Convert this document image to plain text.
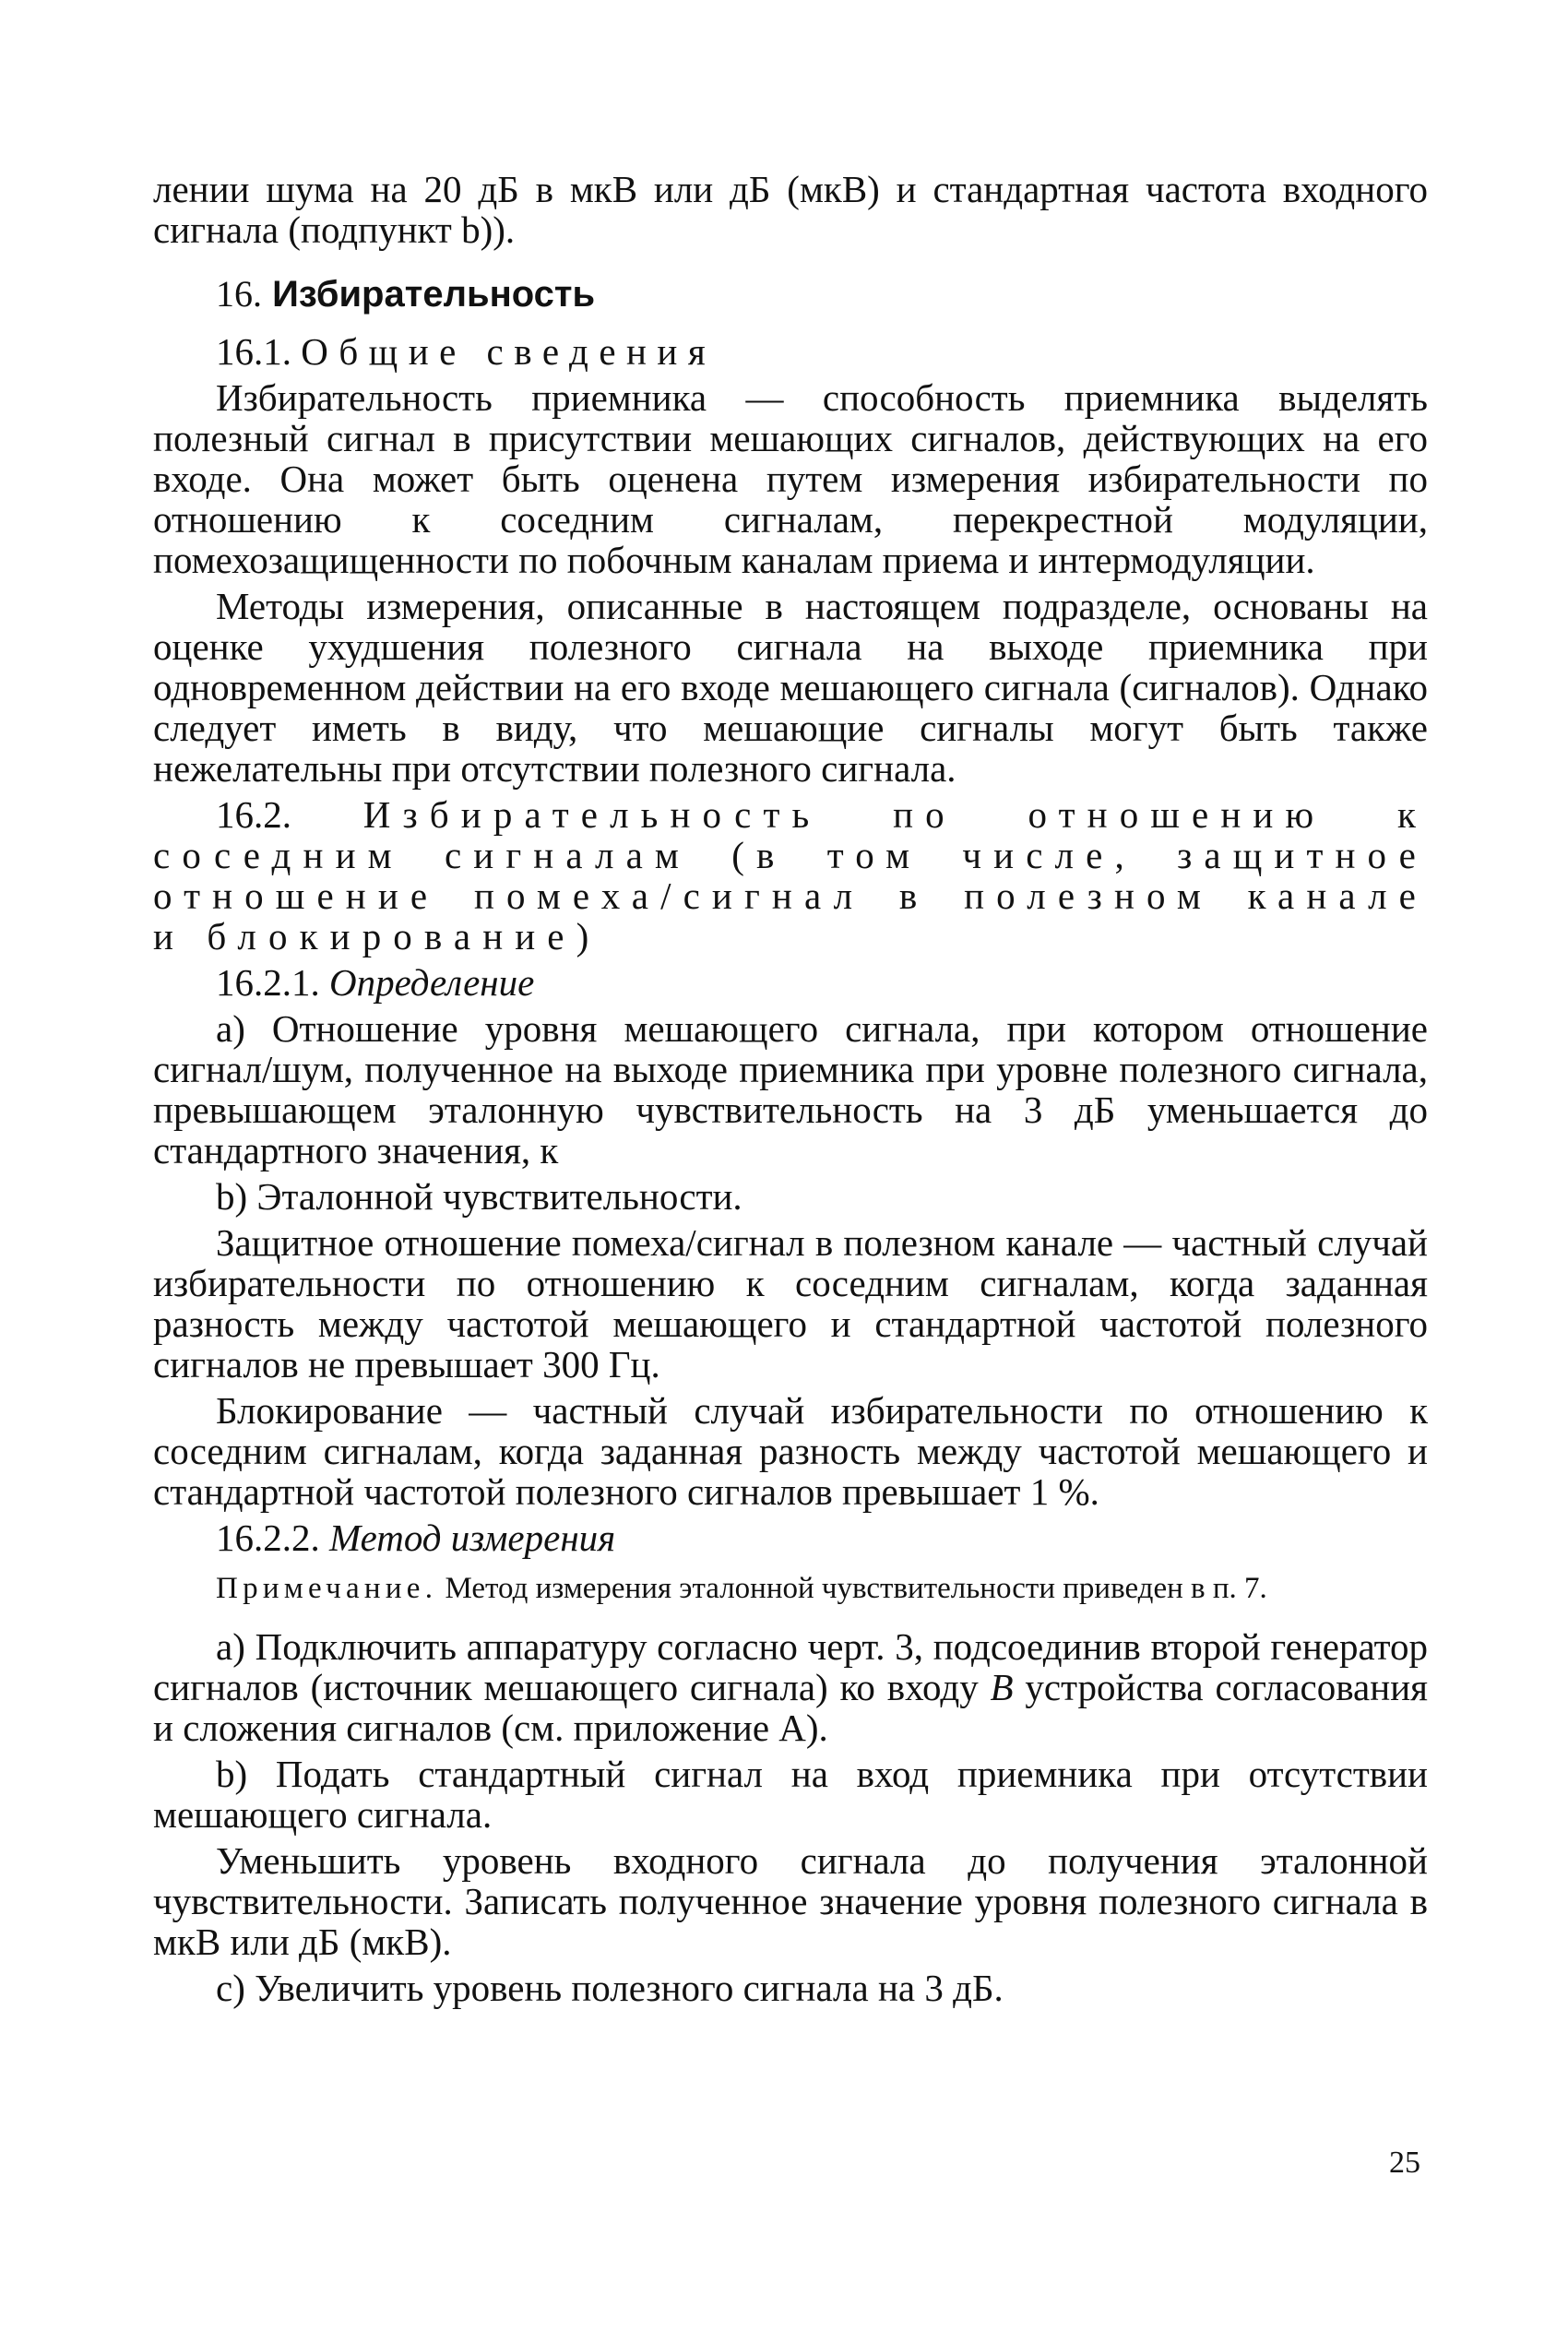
лении шума на 20 дБ в мкВ или дБ (мкВ) и стандартная частота входного сигнала (подпункт b)).

16. Избирательность
16.1. Общие сведения

Избирательность приемника — способность приемника выделять полезный сигнал в присутствии мешающих сигналов, действующих на его входе. Она может быть оценена путем измерения избирательности по отношению к соседним сигналам, перекрестной модуляции, помехозащищенности по побочным каналам приема и интермодуляции.

Методы измерения, описанные в настоящем подразделе, основаны на оценке ухудшения полезного сигнала на выходе приемника при одновременном действии на его входе мешающего сигнала (сигналов). Однако следует иметь в виду, что мешающие сигналы могут быть также нежелательны при отсутствии полезного сигнала.

16.2. Избирательность по отношению к соседним сигналам (в том числе, защитное отношение помеха/сигнал в полезном канале и блокирование)

16.2.1. Определение

a) Отношение уровня мешающего сигнала, при котором отношение сигнал/шум, полученное на выходе приемника при уровне полезного сигнала, превышающем эталонную чувствительность на 3 дБ уменьшается до стандартного значения, к

b) Эталонной чувствительности.

Защитное отношение помеха/сигнал в полезном канале — частный случай избирательности по отношению к соседним сигналам, когда заданная разность между частотой мешающего и стандартной частотой полезного сигналов не превышает 300 Гц.

Блокирование — частный случай избирательности по отношению к соседним сигналам, когда заданная разность между частотой мешающего и стандартной частотой полезного сигналов превышает 1 %.

16.2.2. Метод измерения

Примечание. Метод измерения эталонной чувствительности приведен в п. 7.

a) Подключить аппаратуру согласно черт. 3, подсоединив второй генератор сигналов (источник мешающего сигнала) ко входу B устройства согласования и сложения сигналов (см. приложение А).

b) Подать стандартный сигнал на вход приемника при отсутствии мешающего сигнала.

Уменьшить уровень входного сигнала до получения эталонной чувствительности. Записать полученное значение уровня полезного сигнала в мкВ или дБ (мкВ).

c) Увеличить уровень полезного сигнала на 3 дБ.

25
